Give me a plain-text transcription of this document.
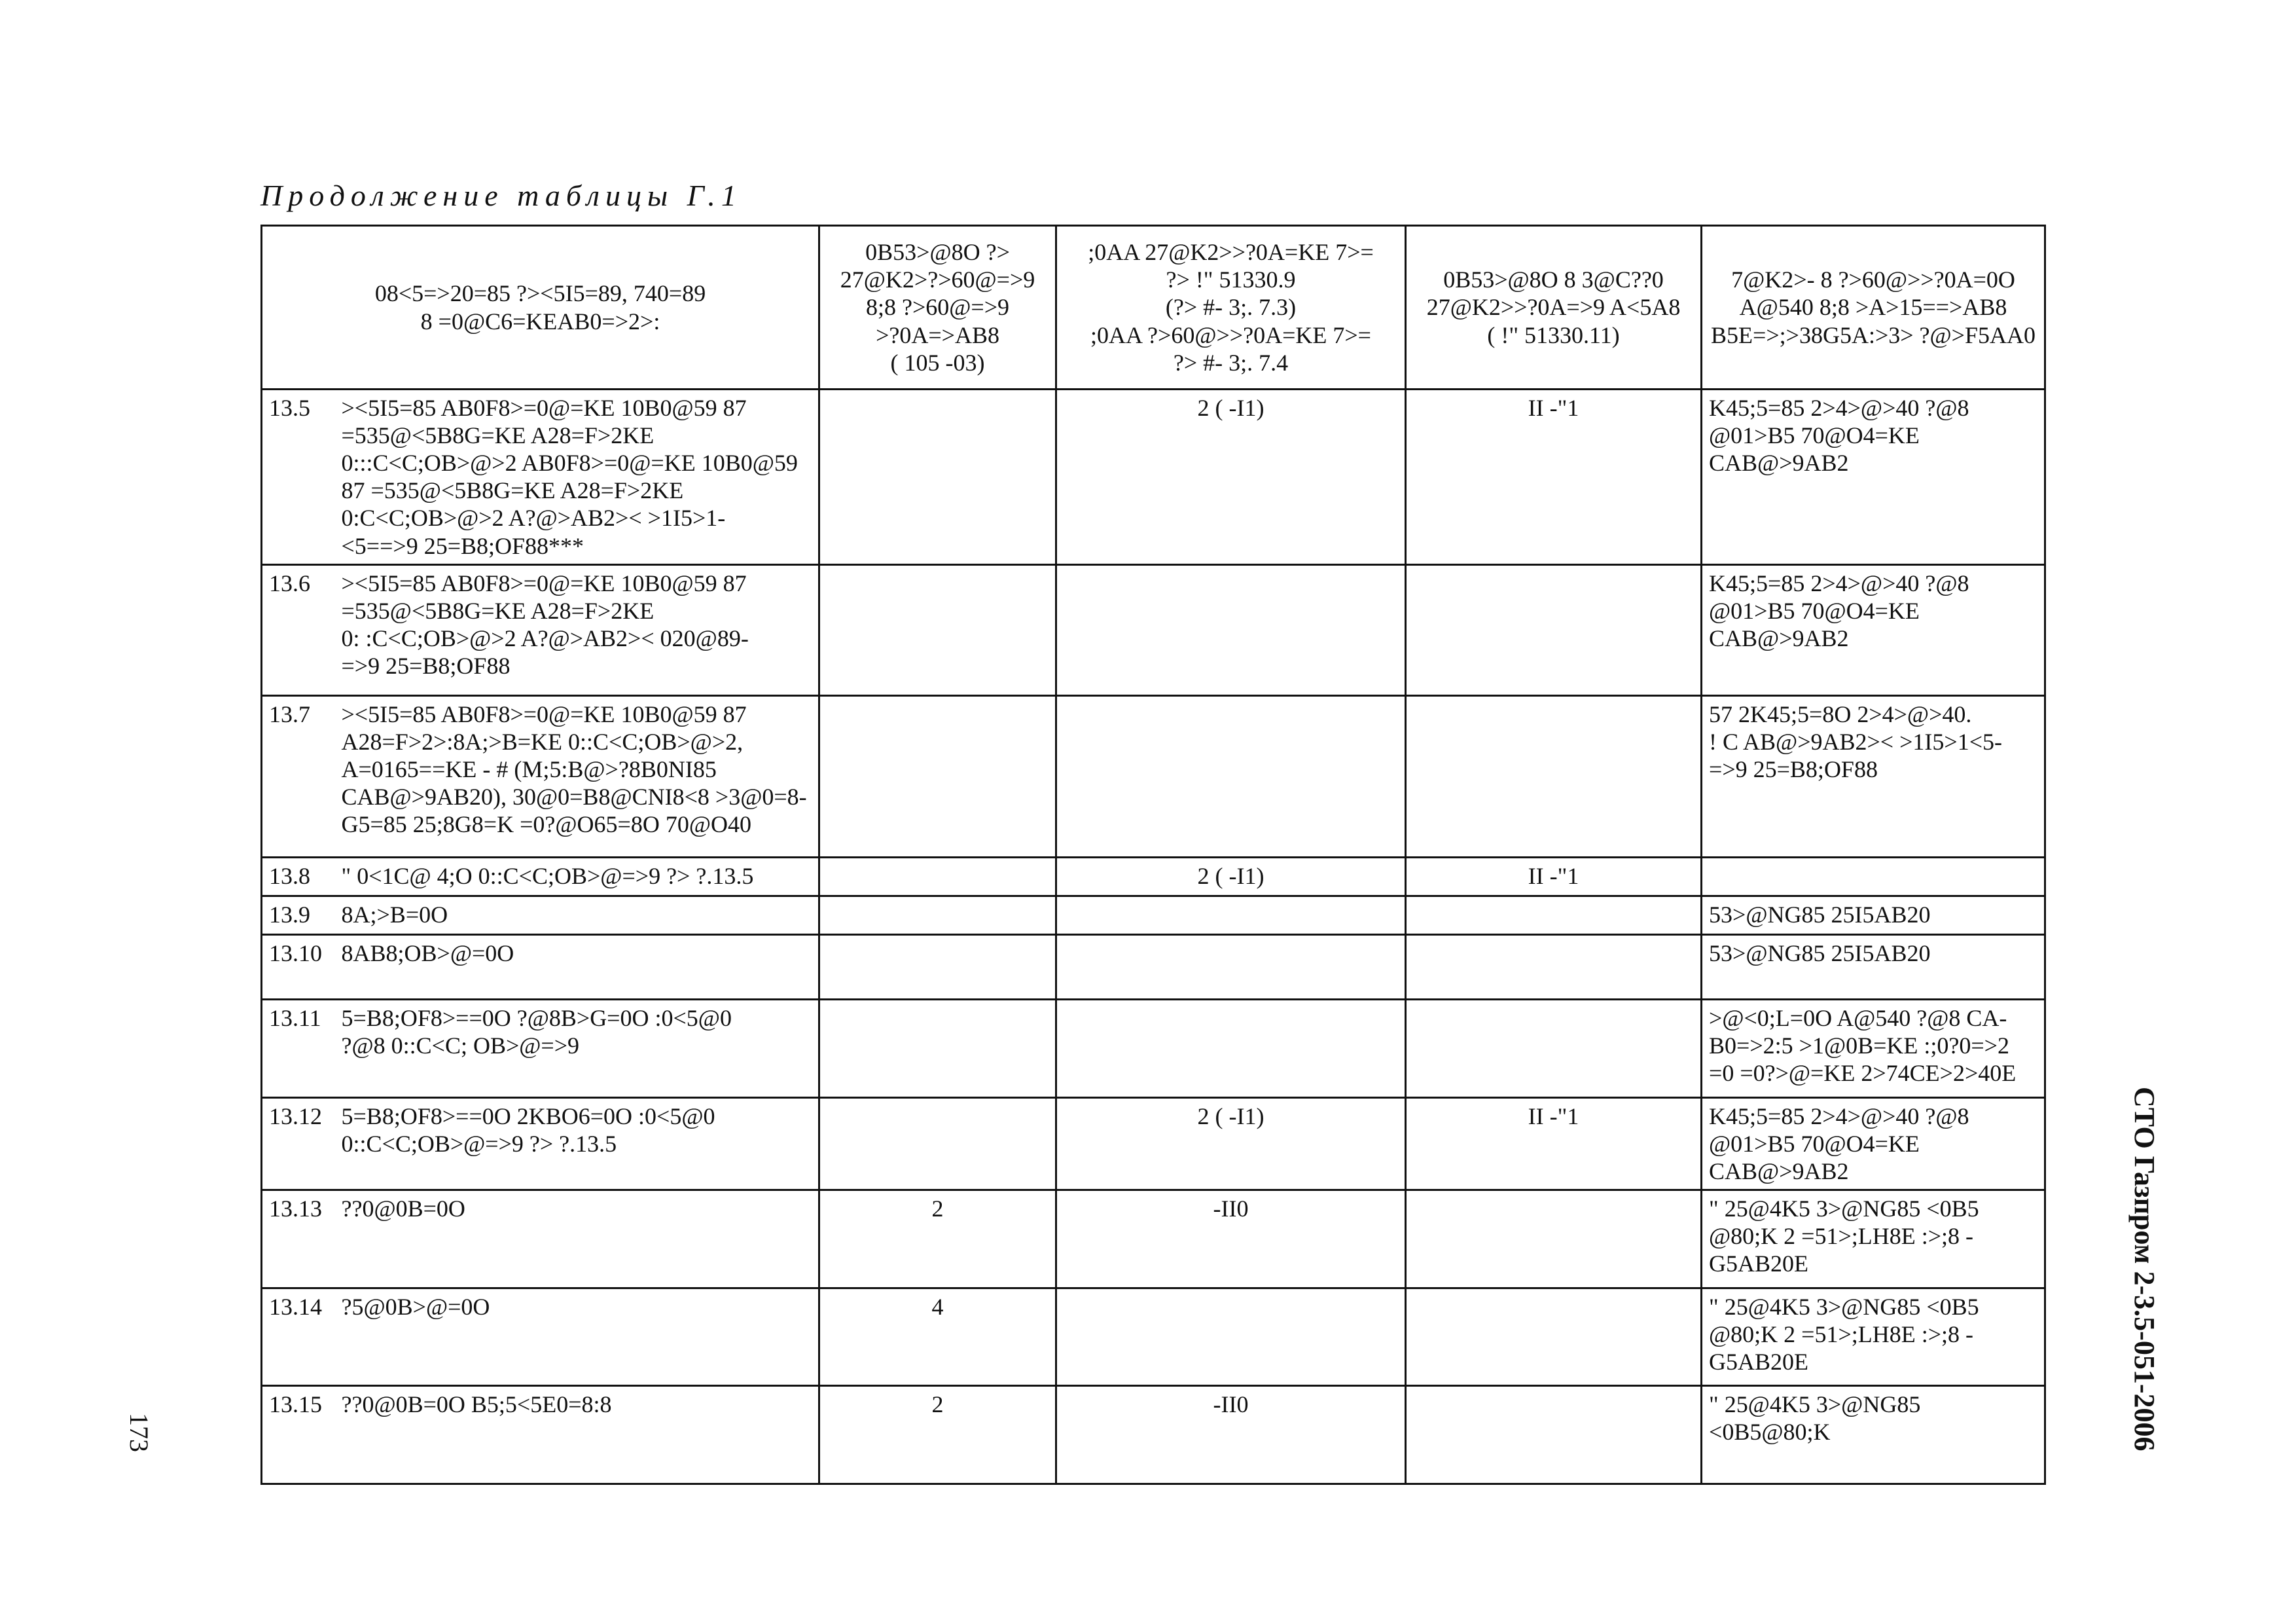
Продолжение таблицы Г.1
08<5=>20=85 ?><5I5=89, 740=89
8 =0@C6=KEAB0=>2>:		0B53>@8O ?>
27@K2>?>60@=>9
8;8 ?>60@=>9
>?0A=>AB8
( 105 -03)	;0AA 27@K2>>?0A=KE 7>=
?> !" 51330.9
(?> #- 3;. 7.3)
;0AA ?>60@>>?0A=KE 7>=
?> #- 3;. 7.4	0B53>@8O 8 3@C??0
27@K2>>?0A=>9 A<5A8
( !" 51330.11)	7@K2>- 8 ?>60@>>?0A=0O
A@540 8;8 >A>15==>AB8
B5E=>;>38G5A:>3> ?@>F5AA0
13.5	><5I5=85 AB0F8>=0@=KE 10B0@59 87
=535@<5B8G=KE A28=F>2KE 0:::C<C;OB>@>2 AB0F8>=0@=KE 10B0@59 87 =535@<5B8G=KE A28=F>2KE 0:C<C;OB>@>2 A?@>AB2>< >1I5>1-
<5==>9 25=B8;OF88***		2 ( -I1)	II -"1	K45;5=85 2>4>@>40 ?@8
@01>B5 70@O4=KE CAB@>9AB2
13.6	><5I5=85 AB0F8>=0@=KE 10B0@59 87
=535@<5B8G=KE A28=F>2KE
0: :C<C;OB>@>2 A?@>AB2>< 020@89-
=>9 25=B8;OF88				K45;5=85 2>4>@>40 ?@8
@01>B5 70@O4=KE CAB@>9AB2
13.7	><5I5=85 AB0F8>=0@=KE 10B0@59 87
A28=F>2>:8A;>B=KE 0::C<C;OB>@>2,
A=0165==KE - # (M;5:B@>?8B0NI85
CAB@>9AB20), 30@0=B8@CNI8<8 >3@0=8-
G5=85 25;8G8=K =0?@O65=8O 70@O40				57 2K45;5=8O 2>4>@>40.
! C AB@>9AB2>< >1I5>1<5-
=>9 25=B8;OF88
13.8	" 0<1C@ 4;O 0::C<C;OB>@=>9 ?> ?.13.5		2 ( -I1)	II -"1	
13.9	8A;>B=0O				53>@NG85 25I5AB20
13.10	8AB8;OB>@=0O				53>@NG85 25I5AB20
13.11	5=B8;OF8>==0O ?@8B>G=0O :0<5@0
?@8 0::C<C; OB>@=>9				>@<0;L=0O A@540 ?@8 CA-
B0=>2:5 >1@0B=KE :;0?0=>2
=0 =0?>@=KE 2>74CE>2>40E
13.12	5=B8;OF8>==0O 2KBO6=0O :0<5@0
0::C<C;OB>@=>9 ?> ?.13.5		2 ( -I1)	II -"1	K45;5=85 2>4>@>40 ?@8
@01>B5 70@O4=KE CAB@>9AB2
13.13	??0@0B=0O	2	-II0		" 25@4K5 3>@NG85 <0B5
@80;K 2 =51>;LH8E :>;8 -
G5AB20E
13.14	?5@0B>@=0O	4			" 25@4K5 3>@NG85 <0B5
@80;K 2 =51>;LH8E :>;8 -
G5AB20E
13.15	??0@0B=0O B5;5<5E0=8:8	2	-II0		" 25@4K5 3>@NG85
<0B5@80;K
173	СТО Газпром 2-3.5-051-2006
